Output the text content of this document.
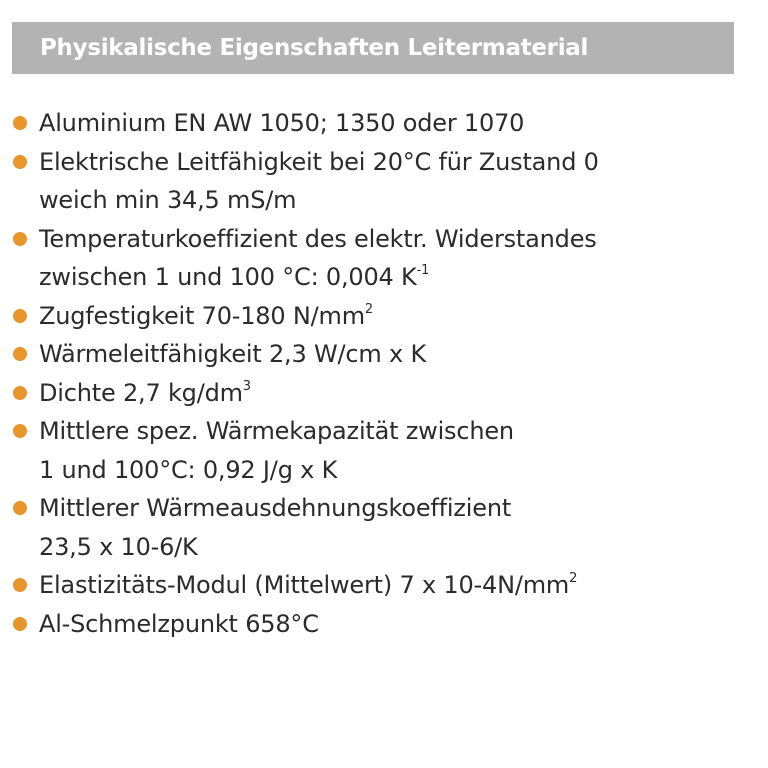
Physikalische Eigenschaften Leitermaterial
Aluminium EN AW 1050; 1350 oder 1070
Elektrische Leitfähigkeit bei 20°C für Zustand 0
weich min 34,5 mS/m
Temperaturkoeffizient des elektr. Widerstandes
zwischen 1 und 100 °C: 0,004 $K^{-1}$
Zugfestigkeit 70-180 $N/mm^2$
Wärmeleitfähigkeit 2,3 W/cm x K
Dichte 2,7 $kg/dm^3$
Mittlere spez. Wärmekapazität zwischen
1 und 100°C: 0,92 J/g x K
Mittlerer Wärmeausdehnungskoeffizient
23,5 x 10-6/K
Elastizitäts-Modul (Mittelwert) 7 x $10-4N/mm^2$
Al-Schmelzpunkt 658°C
